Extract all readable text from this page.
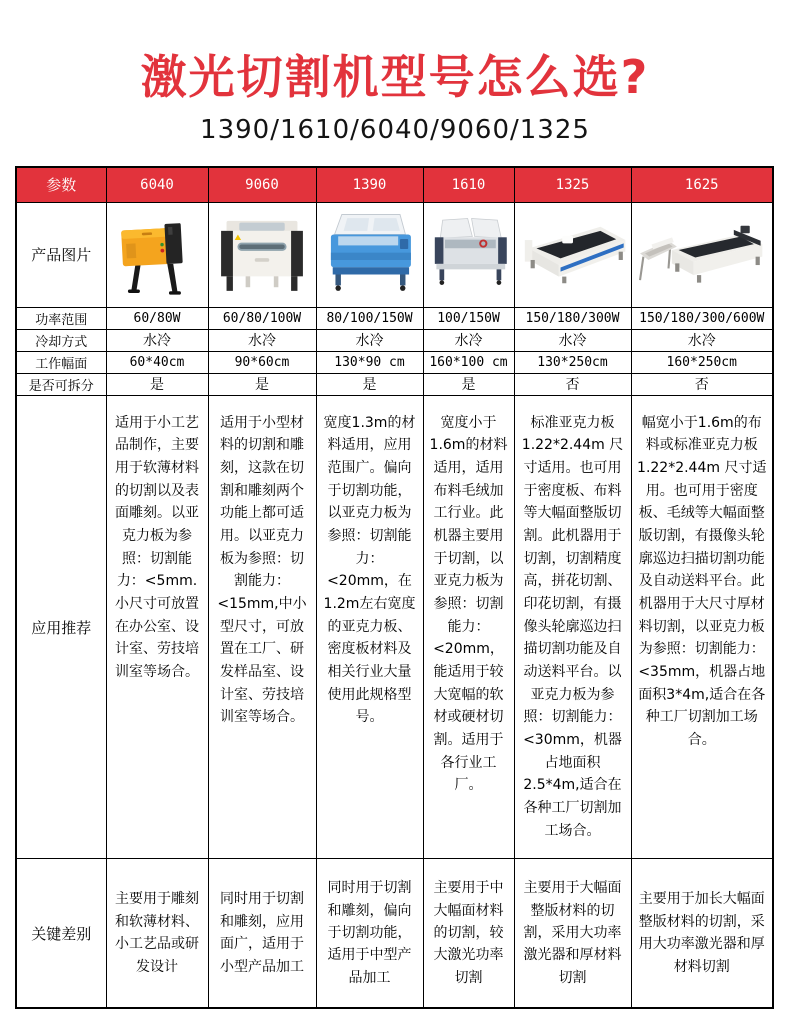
激光切割机型号怎么选?

1390/1610/6040/9060/1325

参数	6040	9060	1390	1610	1325	1625
产品图片	

功率范围	60/80W	60/80/100W	80/100/150W	100/150W	150/180/300W	150/180/300/600W
冷却方式	水冷	水冷	水冷	水冷	水冷	水冷
工作幅面	60*40cm	90*60cm	130*90 cm	160*100 cm	130*250cm	160*250cm
是否可拆分	是	是	是	是	否	否
应用推荐	适用于小工艺品制作，主要用于软薄材料的切割以及表面雕刻。以亚克力板为参照：切割能力：<5mm.小尺寸可放置在办公室、设计室、劳技培训室等场合。	适用于小型材料的切割和雕刻，这款在切割和雕刻两个功能上都可适用。以亚克力板为参照：切割能力：<15mm,中小型尺寸，可放置在工厂、研发样品室、设计室、劳技培训室等场合。	宽度1.3m的材料适用，应用范围广。偏向于切割功能，以亚克力板为参照：切割能力：<20mm，在1.2m左右宽度的亚克力板、密度板材料及相关行业大量使用此规格型号。	宽度小于1.6m的材料适用，适用布料毛绒加工行业。此机器主要用于切割，以亚克力板为参照：切割能力：<20mm，能适用于较大宽幅的软材或硬材切割。适用于各行业工厂。	标准亚克力板1.22*2.44m 尺寸适用。也可用于密度板、布料等大幅面整版切割。此机器用于切割，切割精度高，拼花切割、印花切割，有摄像头轮廓巡边扫描切割功能及自动送料平台。以亚克力板为参照：切割能力：<30mm，机器占地面积 2.5*4m,适合在各种工厂切割加工场合。	幅宽小于1.6m的布料或标准亚克力板1.22*2.44m 尺寸适用。也可用于密度板、毛绒等大幅面整版切割，有摄像头轮廓巡边扫描切割功能及自动送料平台。此机器用于大尺寸厚材料切割，以亚克力板为参照：切割能力：<35mm，机器占地面积3*4m,适合在各种工厂切割加工场合。
关键差别	主要用于雕刻和软薄材料、小工艺品或研发设计	同时用于切割和雕刻，应用面广，适用于小型产品加工	同时用于切割和雕刻，偏向于切割功能，适用于中型产品加工	主要用于中大幅面材料的切割，较大激光功率切割	主要用于大幅面整版材料的切割，采用大功率激光器和厚材料切割	主要用于加长大幅面整版材料的切割，采用大功率激光器和厚材料切割
